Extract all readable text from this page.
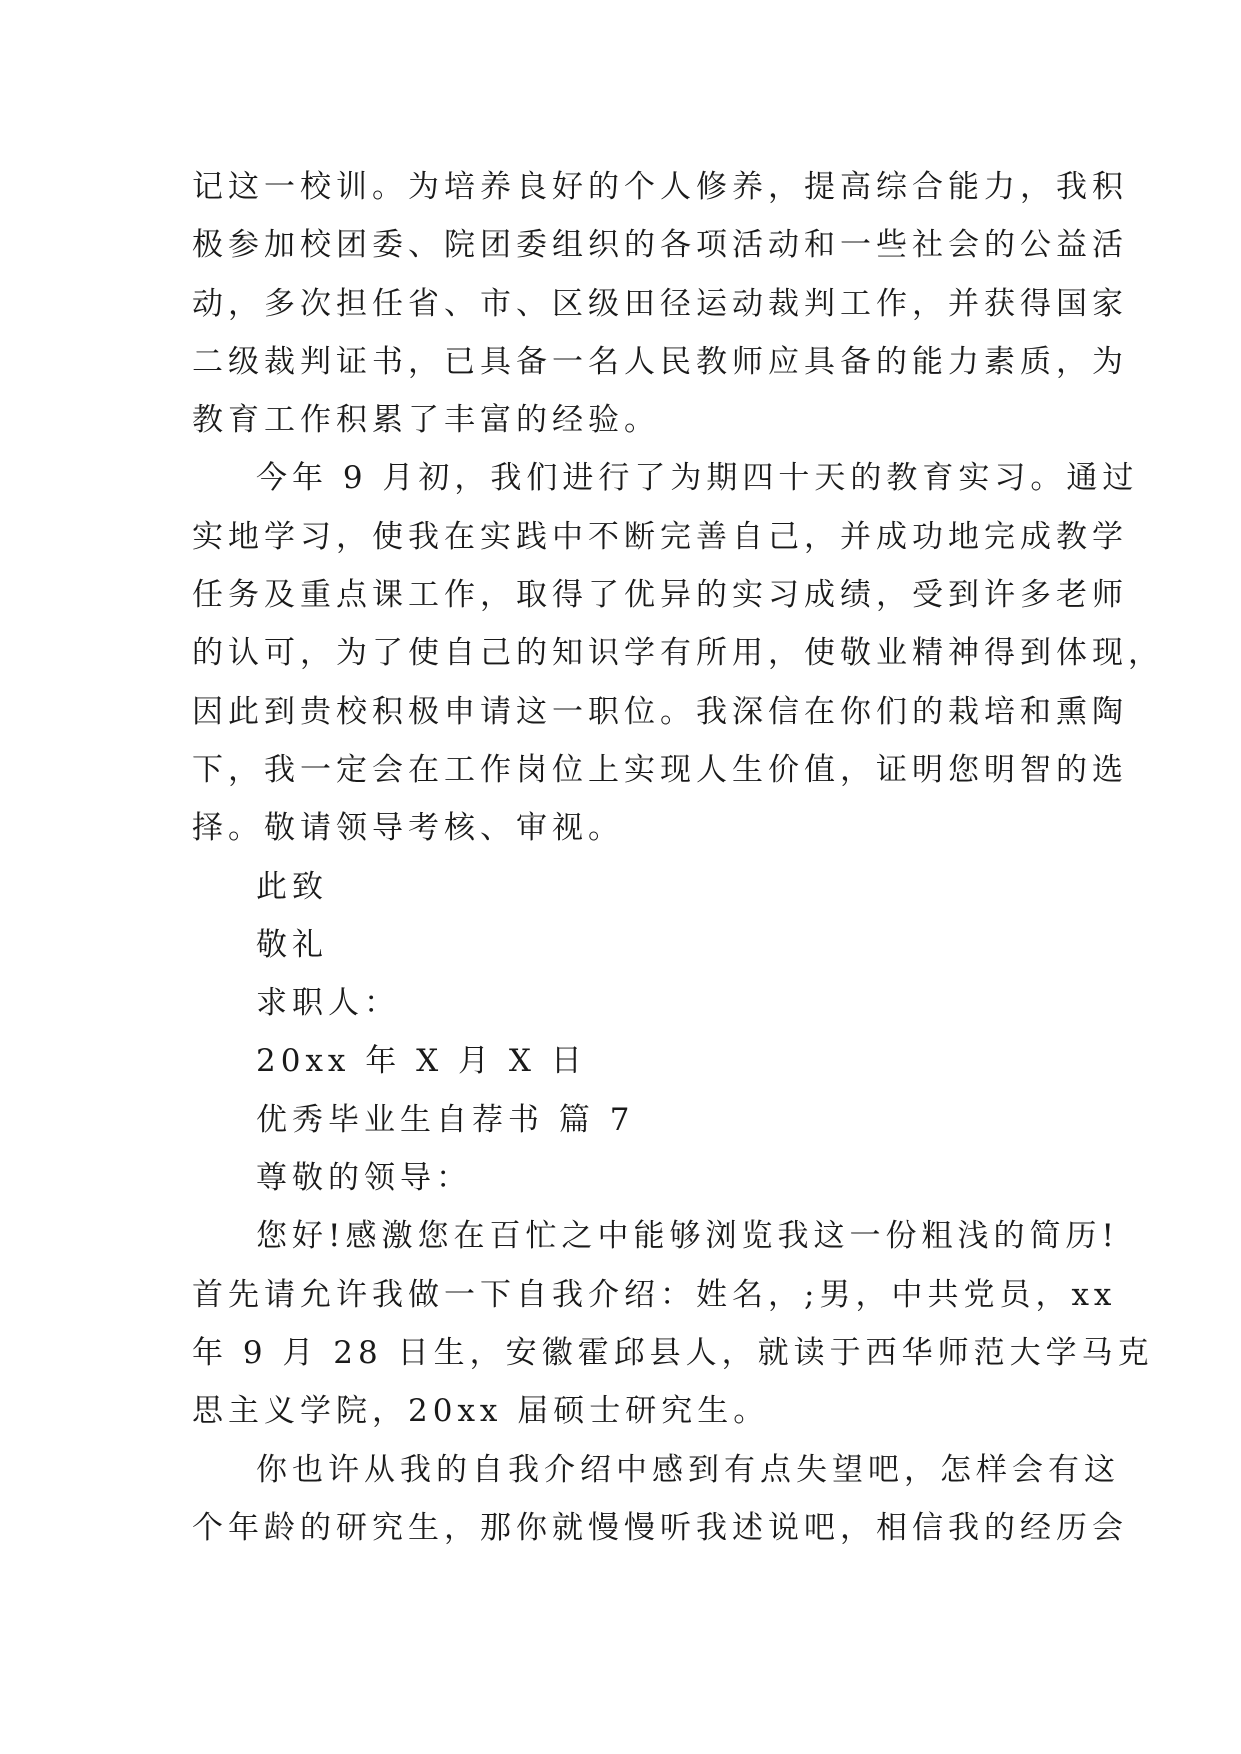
记这一校训。为培养良好的个人修养，提高综合能力，我积
极参加校团委、院团委组织的各项活动和一些社会的公益活
动，多次担任省、市、区级田径运动裁判工作，并获得国家
二级裁判证书，已具备一名人民教师应具备的能力素质，为
教育工作积累了丰富的经验。
今年 9 月初，我们进行了为期四十天的教育实习。通过
实地学习，使我在实践中不断完善自己，并成功地完成教学
任务及重点课工作，取得了优异的实习成绩，受到许多老师
的认可，为了使自己的知识学有所用，使敬业精神得到体现，
因此到贵校积极申请这一职位。我深信在你们的栽培和熏陶
下，我一定会在工作岗位上实现人生价值，证明您明智的选
择。敬请领导考核、审视。
此致
敬礼
求职人：
20xx 年 X 月 X 日
优秀毕业生自荐书 篇 7
尊敬的领导：
您好!感激您在百忙之中能够浏览我这一份粗浅的简历!
首先请允许我做一下自我介绍：姓名，;男，中共党员，xx
年 9 月 28 日生，安徽霍邱县人，就读于西华师范大学马克
思主义学院，20xx 届硕士研究生。
你也许从我的自我介绍中感到有点失望吧，怎样会有这
个年龄的研究生，那你就慢慢听我述说吧，相信我的经历会
